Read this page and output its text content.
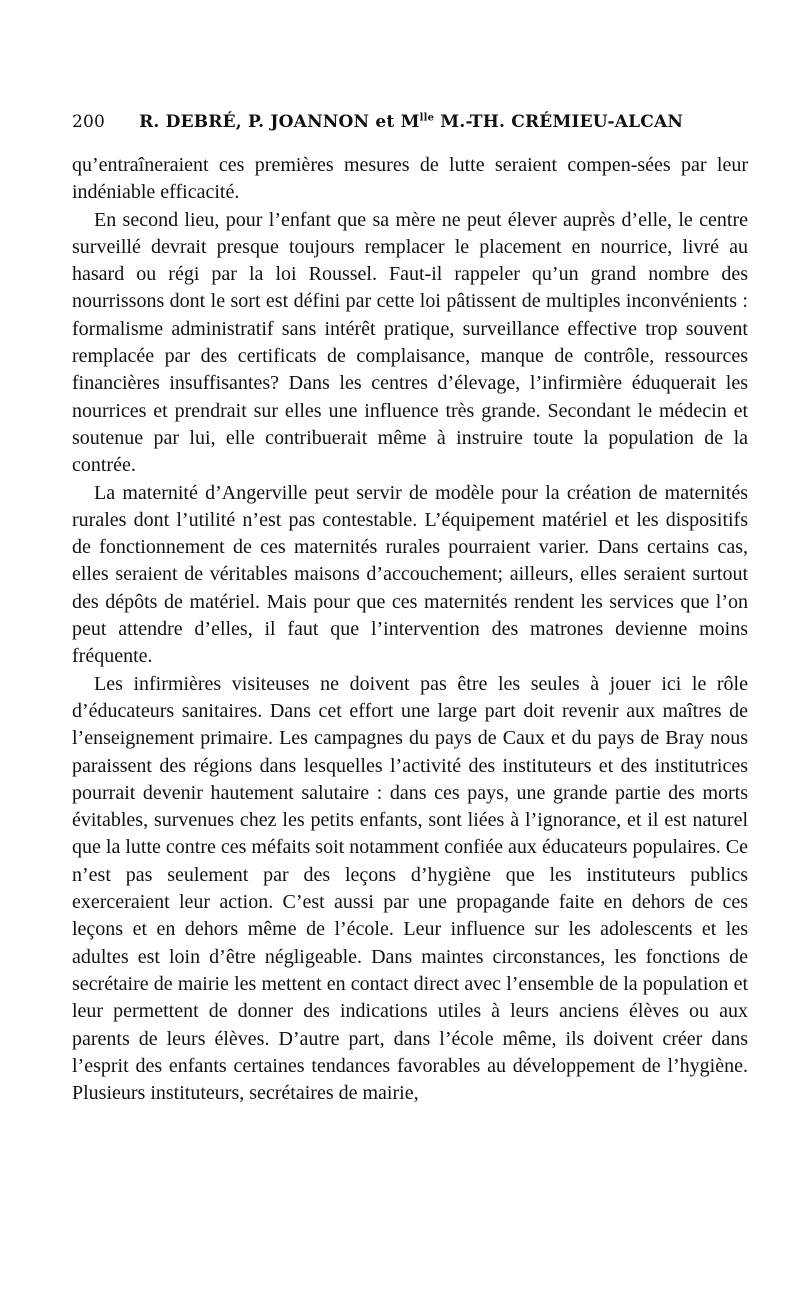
200 R. DEBRÉ, P. JOANNON et $M^{lle}$ M.-TH. CRÉMIEU-ALCAN

qu’entraîneraient ces premières mesures de lutte seraient compen-sées par leur indéniable efficacité.

En second lieu, pour l’enfant que sa mère ne peut élever auprès d’elle, le centre surveillé devrait presque toujours remplacer le placement en nourrice, livré au hasard ou régi par la loi Roussel. Faut-il rappeler qu’un grand nombre des nourrissons dont le sort est défini par cette loi pâtissent de multiples inconvénients : formalisme administratif sans intérêt pratique, surveillance effective trop souvent remplacée par des certificats de complaisance, manque de contrôle, ressources financières insuffisantes? Dans les centres d’élevage, l’infirmière éduquerait les nourrices et prendrait sur elles une influence très grande. Secondant le médecin et soutenue par lui, elle contribuerait même à instruire toute la population de la contrée.

La maternité d’Angerville peut servir de modèle pour la création de maternités rurales dont l’utilité n’est pas contestable. L’équipement matériel et les dispositifs de fonctionnement de ces maternités rurales pourraient varier. Dans certains cas, elles seraient de véritables maisons d’accouchement; ailleurs, elles seraient surtout des dépôts de matériel. Mais pour que ces maternités rendent les services que l’on peut attendre d’elles, il faut que l’intervention des matrones devienne moins fréquente.

Les infirmières visiteuses ne doivent pas être les seules à jouer ici le rôle d’éducateurs sanitaires. Dans cet effort une large part doit revenir aux maîtres de l’enseignement primaire. Les campagnes du pays de Caux et du pays de Bray nous paraissent des régions dans lesquelles l’activité des instituteurs et des institutrices pourrait devenir hautement salutaire : dans ces pays, une grande partie des morts évitables, survenues chez les petits enfants, sont liées à l’ignorance, et il est naturel que la lutte contre ces méfaits soit notamment confiée aux éducateurs populaires. Ce n’est pas seulement par des leçons d’hygiène que les instituteurs publics exerceraient leur action. C’est aussi par une propagande faite en dehors de ces leçons et en dehors même de l’école. Leur influence sur les adolescents et les adultes est loin d’être négligeable. Dans maintes circonstances, les fonctions de secrétaire de mairie les mettent en contact direct avec l’ensemble de la population et leur permettent de donner des indications utiles à leurs anciens élèves ou aux parents de leurs élèves. D’autre part, dans l’école même, ils doivent créer dans l’esprit des enfants certaines tendances favorables au développement de l’hygiène. Plusieurs instituteurs, secrétaires de mairie,
